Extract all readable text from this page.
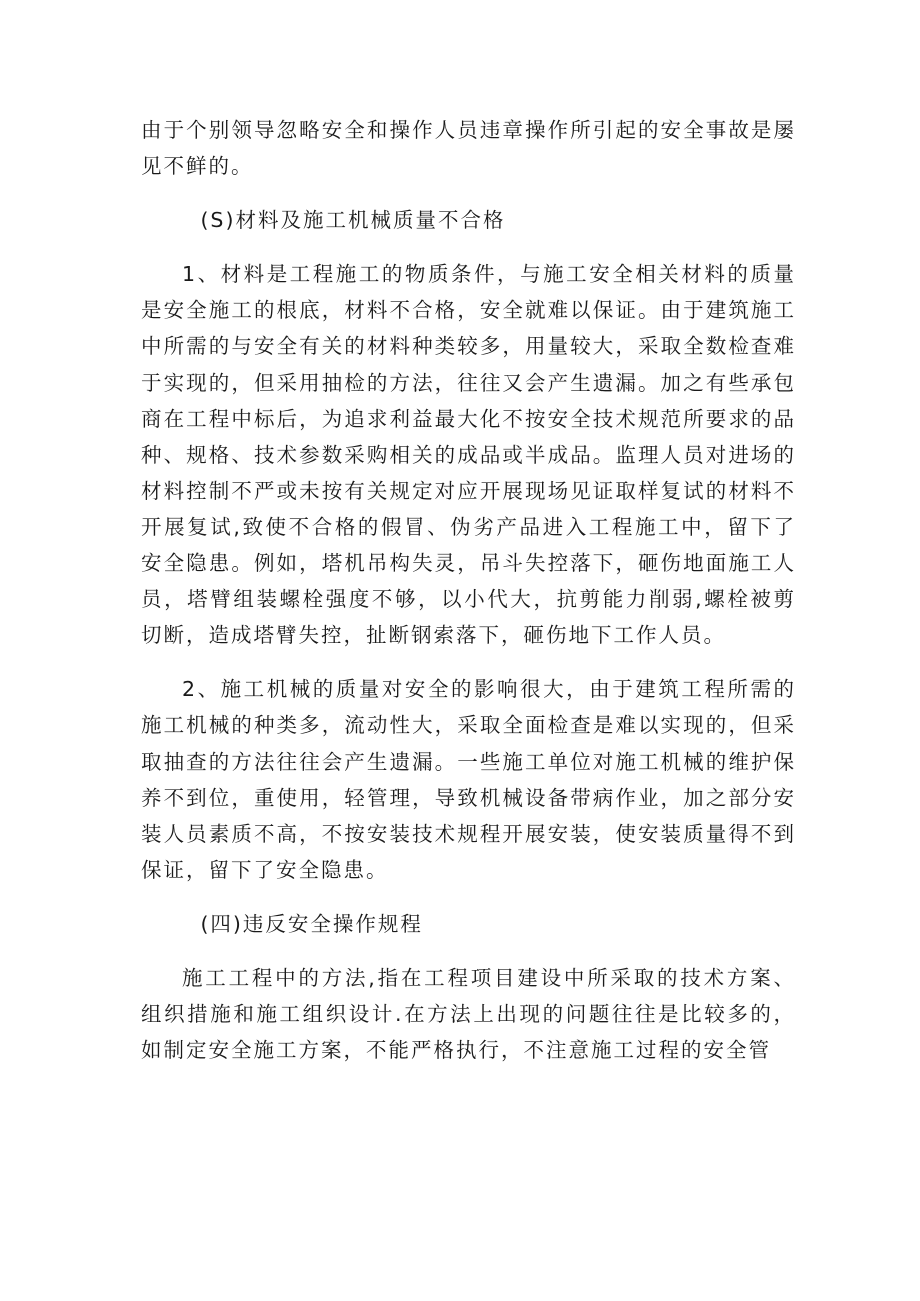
由于个别领导忽略安全和操作人员违章操作所引起的安全事故是屡见不鲜的。

(S)材料及施工机械质量不合格

1、材料是工程施工的物质条件，与施工安全相关材料的质量是安全施工的根底，材料不合格，安全就难以保证。由于建筑施工中所需的与安全有关的材料种类较多，用量较大，采取全数检查难于实现的，但采用抽检的方法，往往又会产生遗漏。加之有些承包商在工程中标后，为追求利益最大化不按安全技术规范所要求的品种、规格、技术参数采购相关的成品或半成品。监理人员对进场的材料控制不严或未按有关规定对应开展现场见证取样复试的材料不开展复试,致使不合格的假冒、伪劣产品进入工程施工中，留下了安全隐患。例如，塔机吊构失灵，吊斗失控落下，砸伤地面施工人员，塔臂组装螺栓强度不够，以小代大，抗剪能力削弱,螺栓被剪切断，造成塔臂失控，扯断钢索落下，砸伤地下工作人员。

2、施工机械的质量对安全的影响很大，由于建筑工程所需的施工机械的种类多，流动性大，采取全面检查是难以实现的，但采取抽查的方法往往会产生遗漏。一些施工单位对施工机械的维护保养不到位，重使用，轻管理，导致机械设备带病作业，加之部分安装人员素质不高，不按安装技术规程开展安装，使安装质量得不到保证，留下了安全隐患。

(四)违反安全操作规程

施工工程中的方法,指在工程项目建设中所采取的技术方案、组织措施和施工组织设计.在方法上出现的问题往往是比较多的，如制定安全施工方案，不能严格执行，不注意施工过程的安全管
